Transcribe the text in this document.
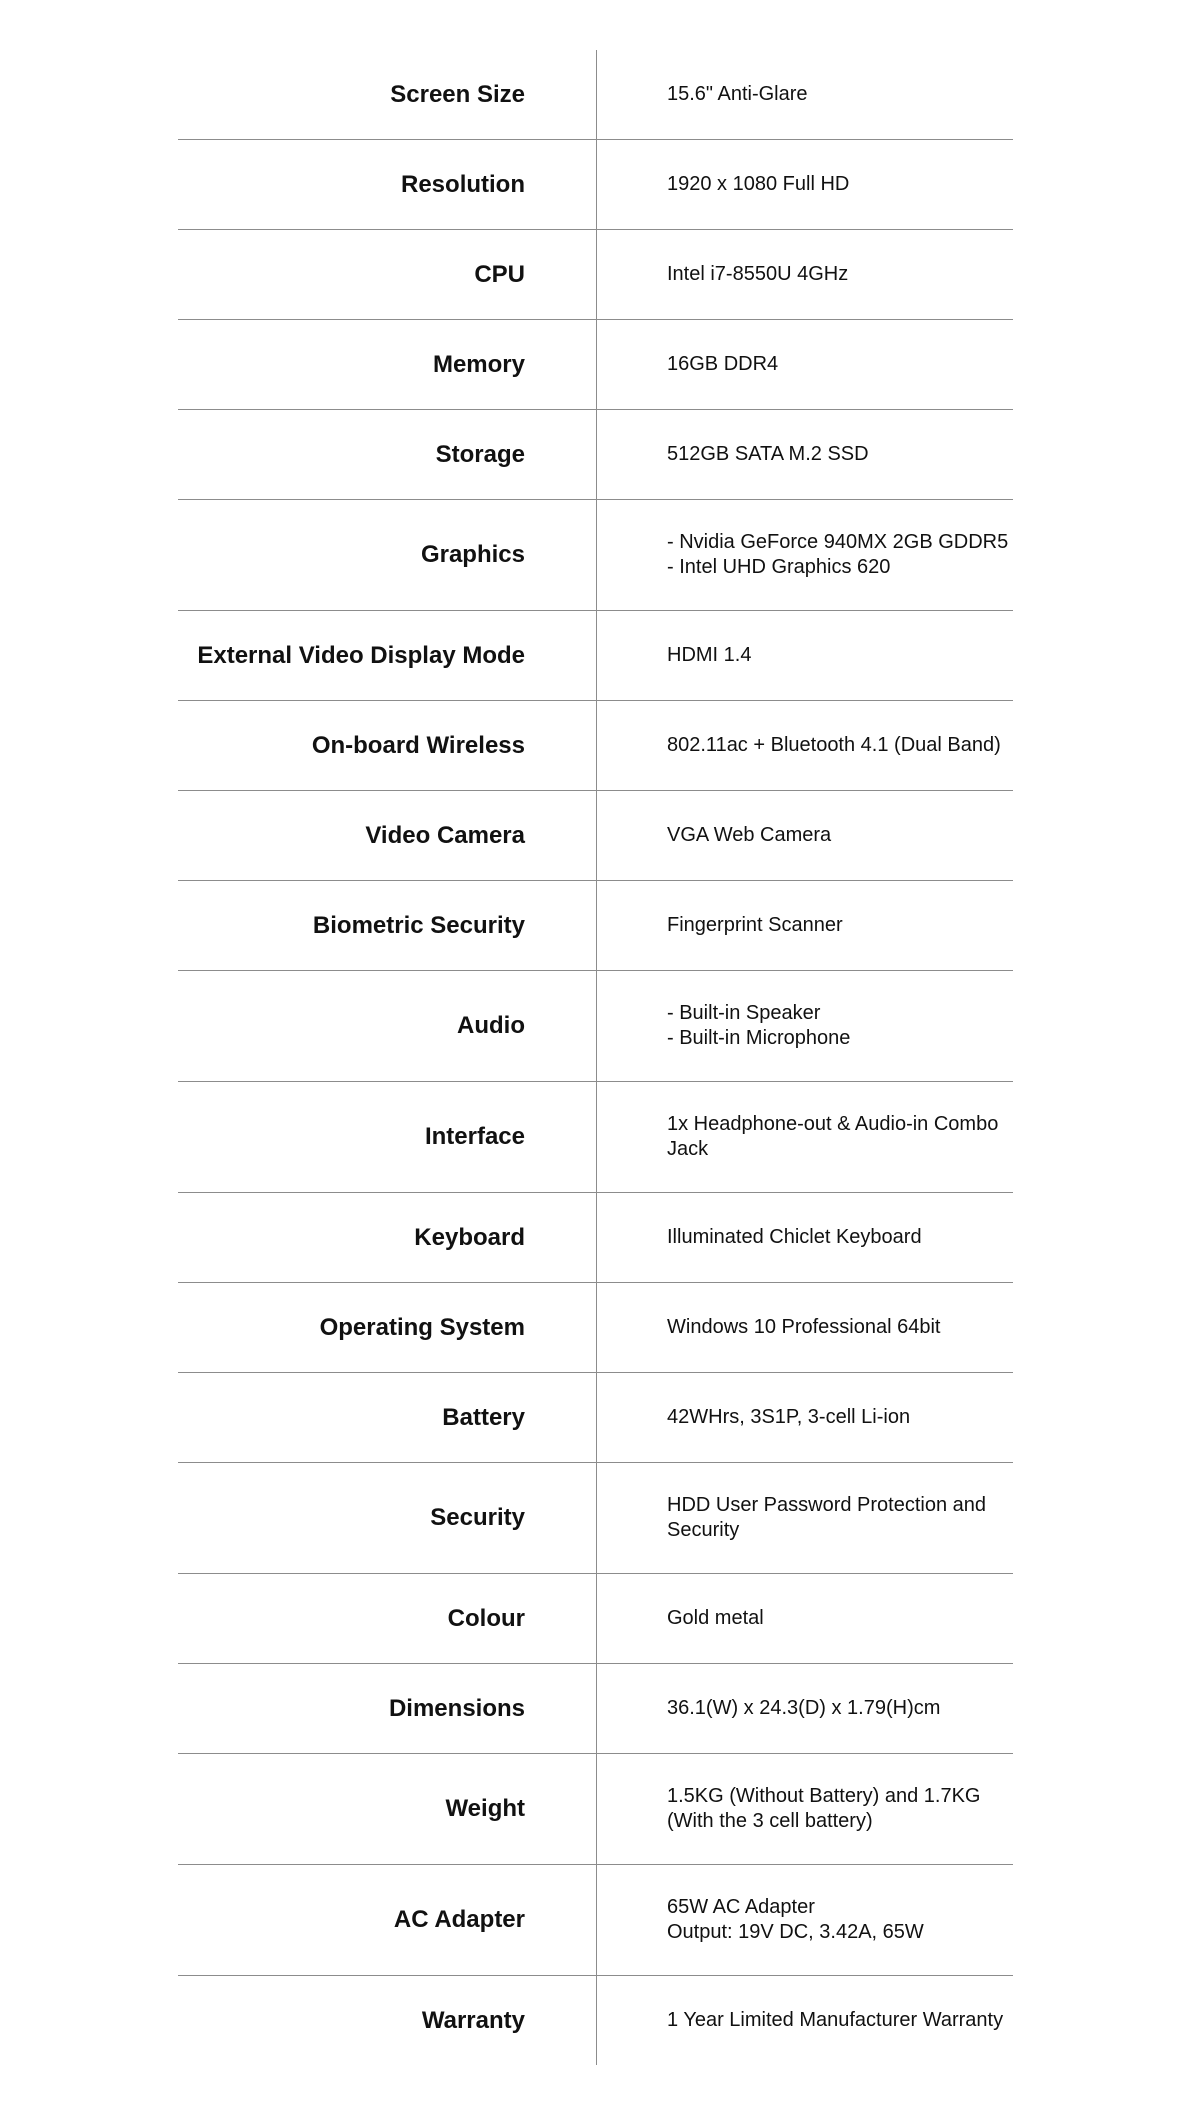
Screen Size	15.6" Anti-Glare
Resolution	1920 x 1080 Full HD
CPU	Intel i7-8550U 4GHz
Memory	16GB DDR4
Storage	512GB SATA M.2 SSD
Graphics	- Nvidia GeForce 940MX 2GB GDDR5
- Intel UHD Graphics 620
External Video Display Mode	HDMI 1.4
On-board Wireless	802.11ac + Bluetooth 4.1 (Dual Band)
Video Camera	VGA Web Camera
Biometric Security	Fingerprint Scanner
Audio	- Built-in Speaker
- Built-in Microphone
Interface	1x Headphone-out & Audio-in Combo
Jack
Keyboard	Illuminated Chiclet Keyboard
Operating System	Windows 10 Professional 64bit
Battery	42WHrs, 3S1P, 3-cell Li-ion
Security	HDD User Password Protection and
Security
Colour	Gold metal
Dimensions	36.1(W) x 24.3(D) x 1.79(H)cm
Weight	1.5KG (Without Battery) and 1.7KG
(With the 3 cell battery)
AC Adapter	65W AC Adapter
Output: 19V DC, 3.42A, 65W
Warranty	1 Year Limited Manufacturer Warranty
